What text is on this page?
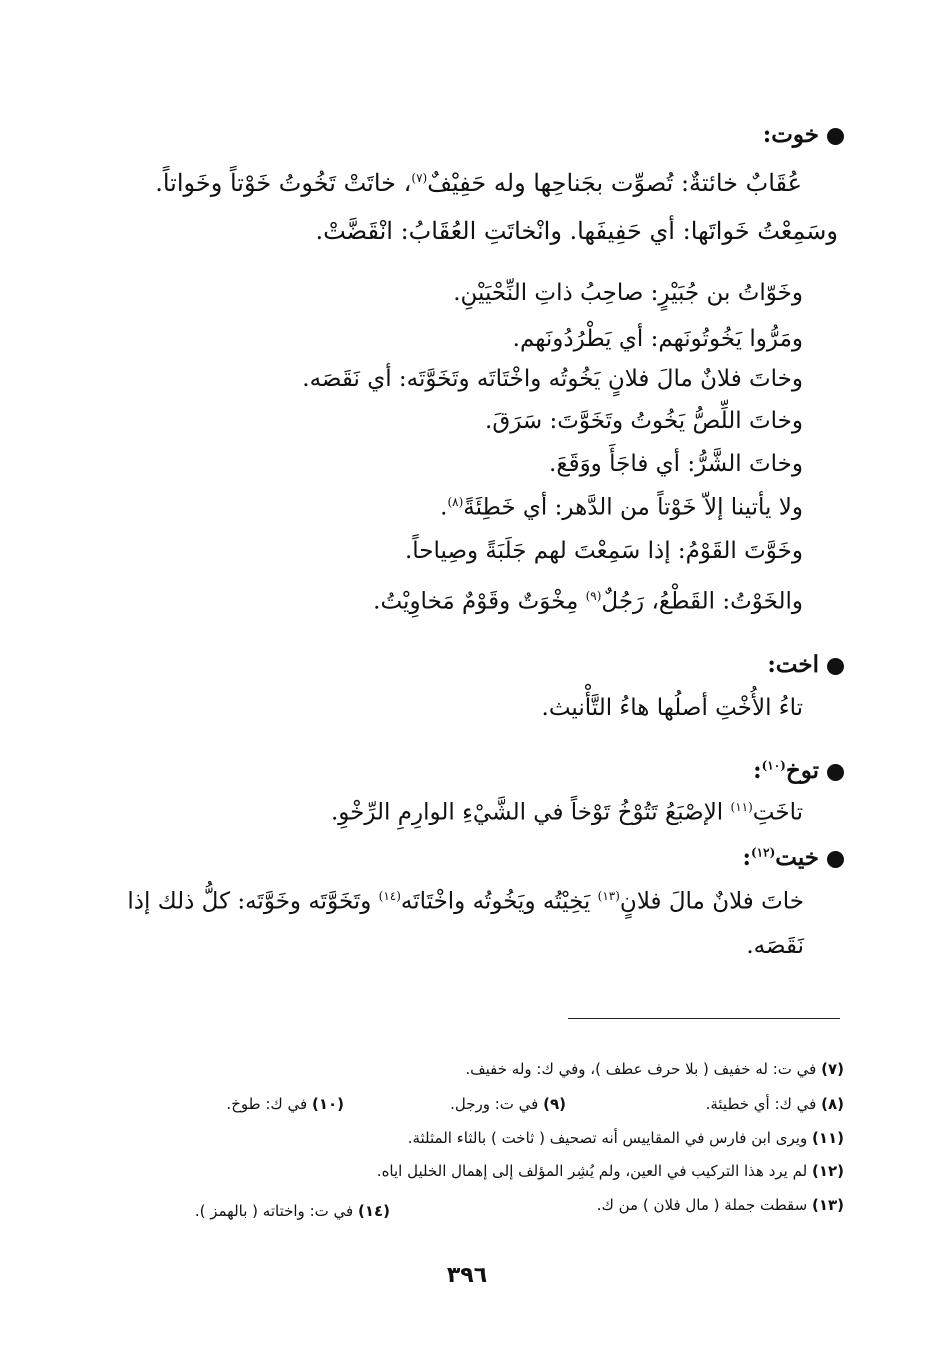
خوت:
عُقَابٌ خائتةٌ: تُصوِّت بجَناحِها وله حَفِيْفٌ$^{(٧)}$، خاتَتْ تَخُوتُ خَوْتاً وخَواتاً.
وسَمِعْتُ خَواتَها: أي حَفِيفَها. وانْخاتَتِ العُقَابُ: انْقَضَّتْ.
وخَوّاتُ بن جُبَيْرٍ: صاحِبُ ذاتِ النِّحْيَيْنِ.
ومَرُّوا يَخُوتُونَهم: أي يَطْرُدُونَهم.
وخاتَ فلانٌ مالَ فلانٍ يَخُوتُه واخْتَاتَه وتَخَوَّتَه: أي نَقَصَه.
وخاتَ اللِّصُّ يَخُوتُ وتَخَوَّتَ: سَرَقَ.
وخاتَ الشَّرُّ: أي فاجَأَ ووَقَعَ.
ولا يأتينا إلاّ خَوْتاً من الدَّهر: أي خَطِئَةً$^{(٨)}$.
وخَوَّتَ القَوْمُ: إذا سَمِعْتَ لهم جَلَبَةً وصِياحاً.
والخَوْتُ: القَطْعُ، رَجُلٌ$^{(٩)}$ مِخْوَتٌ وقَوْمٌ مَخاوِيْتُ.
اخت:
تاءُ الأُخْتِ أصلُها هاءُ التَّأْنيث.
توخ$^{(١٠)}$:
تاخَتِ$^{(١١)}$ الإصْبَعُ تَتُوْخُ تَوْخاً في الشَّيْءِ الوارِمِ الرِّخْوِ.
خيت$^{(١٢)}$:
خاتَ فلانٌ مالَ فلانٍ$^{(١٣)}$ يَخِيْتُه ويَخُوتُه واخْتَاتَه$^{(١٤)}$ وتَخَوَّتَه وخَوَّتَه: كلُّ ذلك إذا
نَقَصَه.
(٧) في ت: له خفيف ( بلا حرف عطف )، وفي ك: وله خفيف.
(٨) في ك: أي خطيئة.
(٩) في ت: ورجل.
(١٠) في ك: طوخ.
(١١) ويرى ابن فارس في المقاييس أنه تصحيف ( ثاخت ) بالثاء المثلثة.
(١٢) لم يرد هذا التركيب في العين، ولم يُشِر المؤلف إلى إهمال الخليل اياه.
(١٣) سقطت جملة ( مال فلان ) من ك.
(١٤) في ت: واختاته ( بالهمز ).
٣٩٦
